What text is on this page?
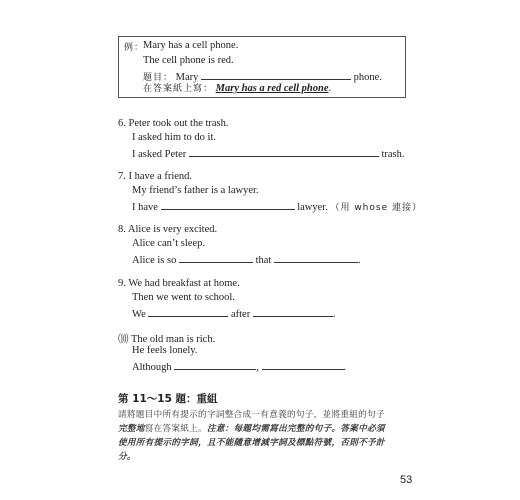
例：
Mary has a cell phone.
The cell phone is red.
題目： Mary	phone.
在答案紙上寫： Mary has a red cell phone.
6. Peter took out the trash.
I asked him to do it.
I asked Peter	trash.
7. I have a friend.
My friend’s father is a lawyer.
I have	lawyer. （用 whose 連接）
8. Alice is very excited.
Alice can’t sleep.
Alice is so	that	.
9. We had breakfast at home.
Then we went to school.
We	after	.
⑽ The old man is rich.
He feels lonely.
Although	,	.
第 11～15 題：重組
請將題目中所有提示的字詞整合成一有意義的句子，並將重組的句子
完整地寫在答案紙上。注意：每題均需寫出完整的句子。答案中必須
使用所有提示的字詞，且不能隨意增減字詞及標點符號，否則不予計
分。
53
